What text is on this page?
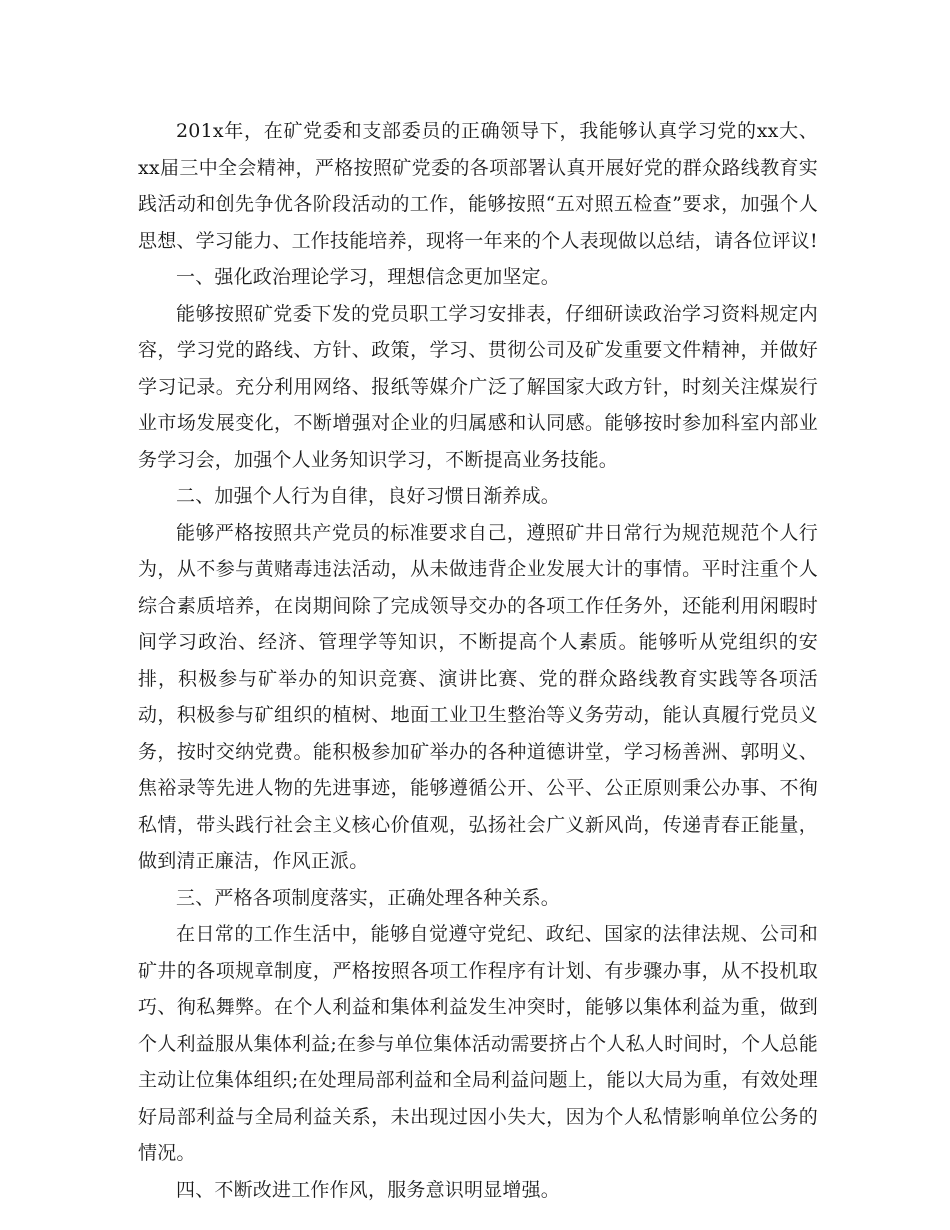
201x年，在矿党委和支部委员的正确领导下，我能够认真学习党的xx大、xx届三中全会精神，严格按照矿党委的各项部署认真开展好党的群众路线教育实践活动和创先争优各阶段活动的工作，能够按照“五对照五检查”要求，加强个人思想、学习能力、工作技能培养，现将一年来的个人表现做以总结，请各位评议!

一、强化政治理论学习，理想信念更加坚定。

能够按照矿党委下发的党员职工学习安排表，仔细研读政治学习资料规定内容，学习党的路线、方针、政策，学习、贯彻公司及矿发重要文件精神，并做好学习记录。充分利用网络、报纸等媒介广泛了解国家大政方针，时刻关注煤炭行业市场发展变化，不断增强对企业的归属感和认同感。能够按时参加科室内部业务学习会，加强个人业务知识学习，不断提高业务技能。

二、加强个人行为自律，良好习惯日渐养成。

能够严格按照共产党员的标准要求自己，遵照矿井日常行为规范规范个人行为，从不参与黄赌毒违法活动，从未做违背企业发展大计的事情。平时注重个人综合素质培养，在岗期间除了完成领导交办的各项工作任务外，还能利用闲暇时间学习政治、经济、管理学等知识，不断提高个人素质。能够听从党组织的安排，积极参与矿举办的知识竞赛、演讲比赛、党的群众路线教育实践等各项活动，积极参与矿组织的植树、地面工业卫生整治等义务劳动，能认真履行党员义务，按时交纳党费。能积极参加矿举办的各种道德讲堂，学习杨善洲、郭明义、焦裕录等先进人物的先进事迹，能够遵循公开、公平、公正原则秉公办事、不徇私情，带头践行社会主义核心价值观，弘扬社会广义新风尚，传递青春正能量，做到清正廉洁，作风正派。

三、严格各项制度落实，正确处理各种关系。

在日常的工作生活中，能够自觉遵守党纪、政纪、国家的法律法规、公司和矿井的各项规章制度，严格按照各项工作程序有计划、有步骤办事，从不投机取巧、徇私舞弊。在个人利益和集体利益发生冲突时，能够以集体利益为重，做到个人利益服从集体利益;在参与单位集体活动需要挤占个人私人时间时，个人总能主动让位集体组织;在处理局部利益和全局利益问题上，能以大局为重，有效处理好局部利益与全局利益关系，未出现过因小失大，因为个人私情影响单位公务的情况。

四、不断改进工作作风，服务意识明显增强。
